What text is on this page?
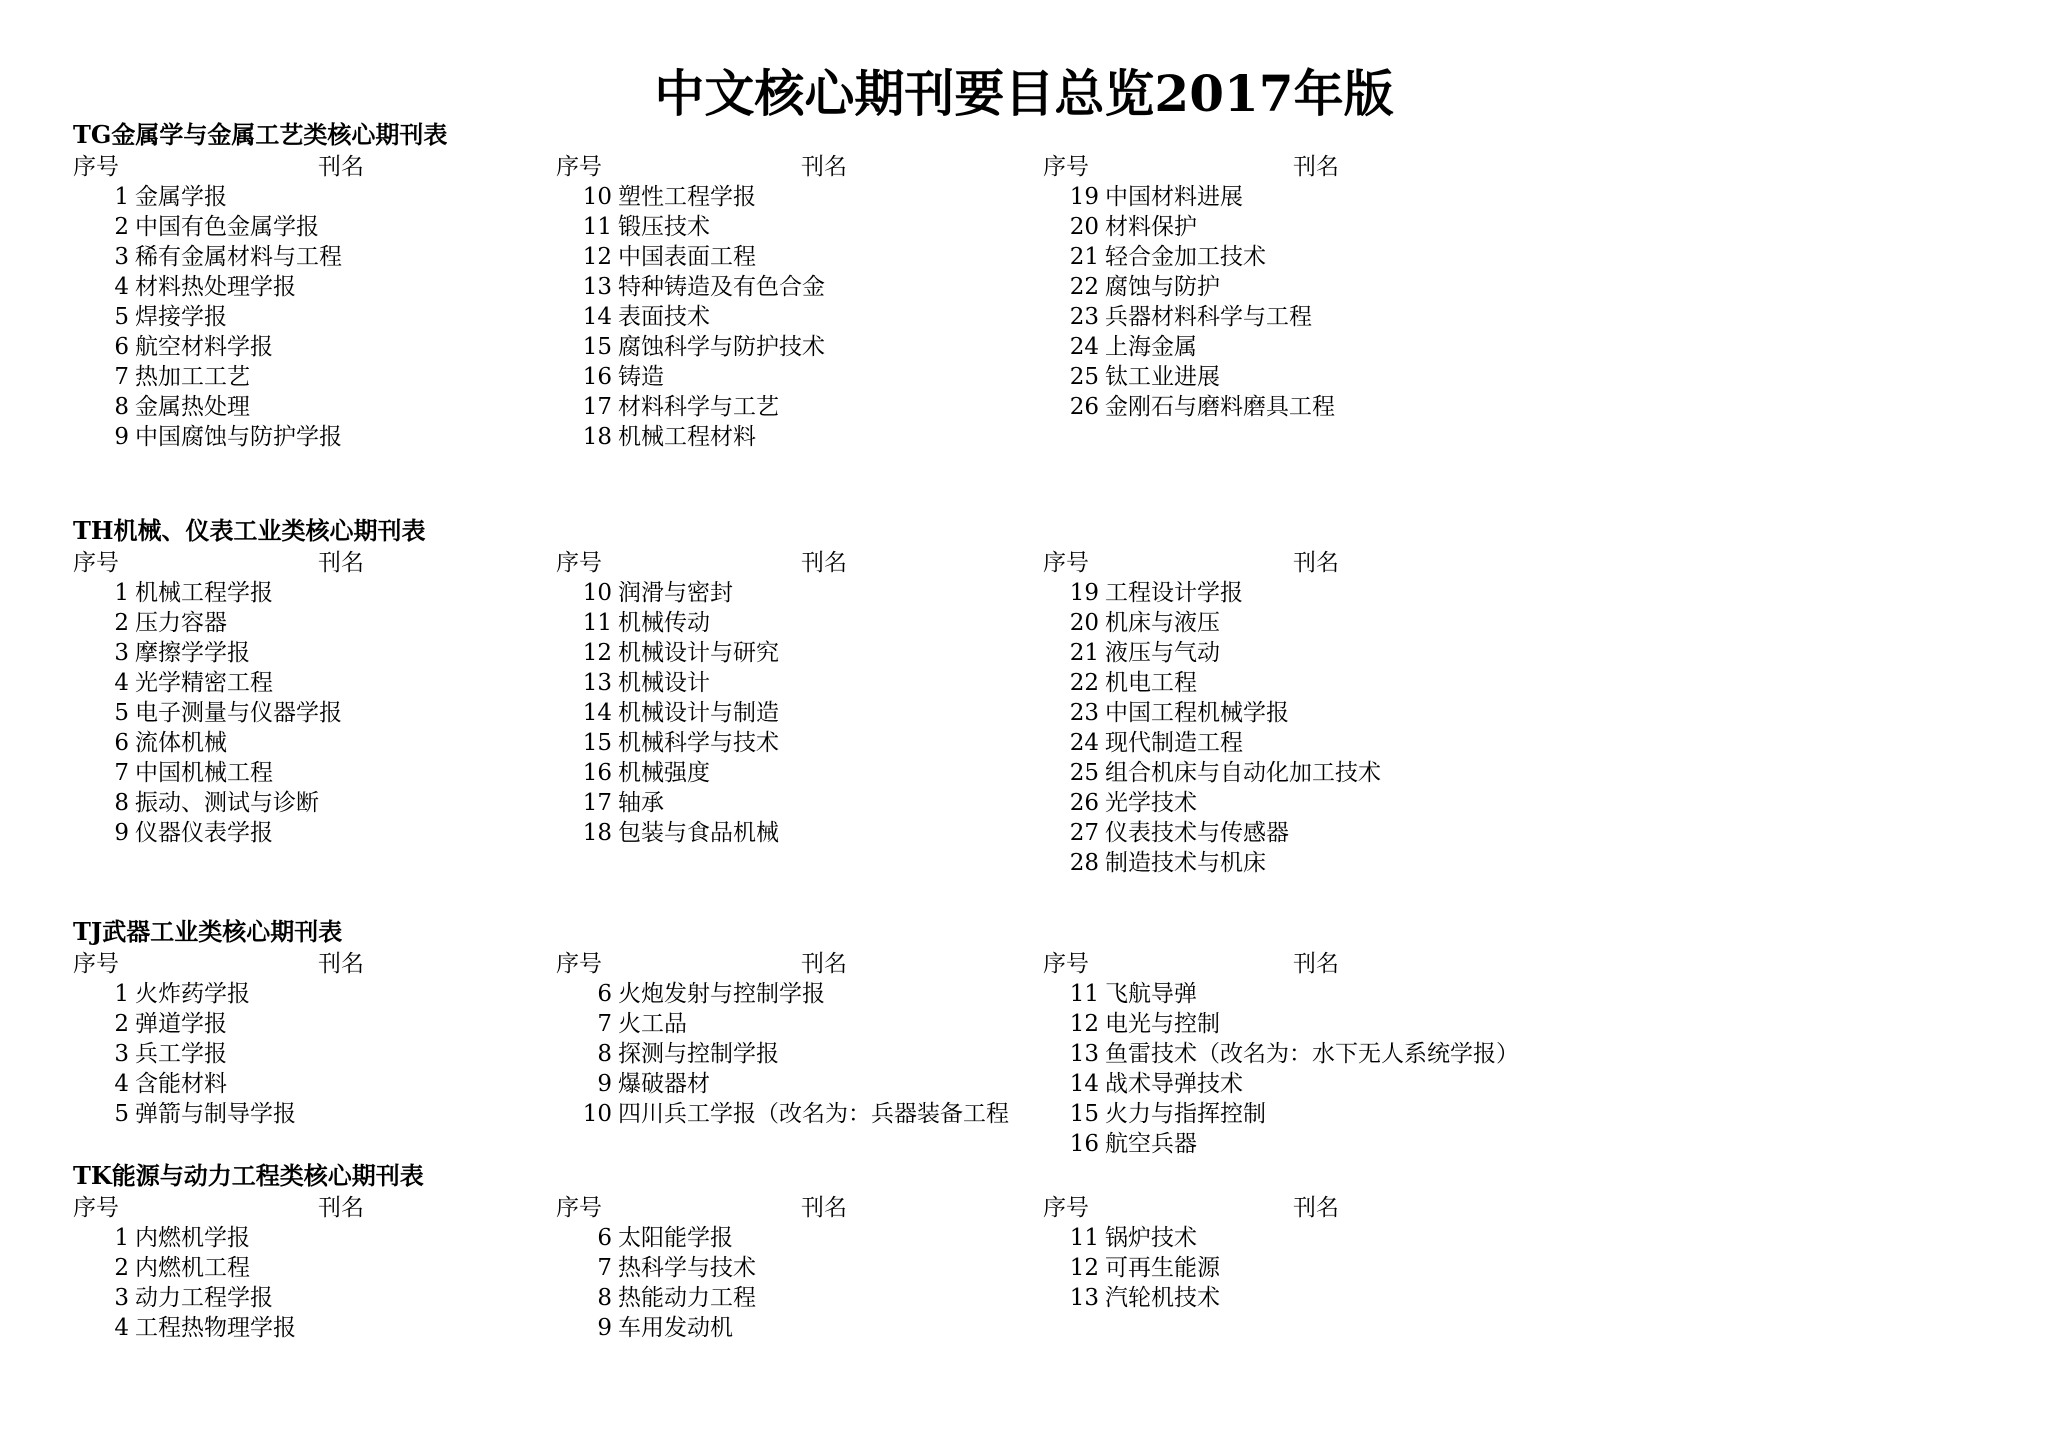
中文核心期刊要目总览2017年版
TG金属学与金属工艺类核心期刊表
序号	刊名
1 金属学报
2 中国有色金属学报
3 稀有金属材料与工程
4 材料热处理学报
5 焊接学报
6 航空材料学报
7 热加工工艺
8 金属热处理
9 中国腐蚀与防护学报
序号	刊名
10 塑性工程学报
11 锻压技术
12 中国表面工程
13 特种铸造及有色合金
14 表面技术
15 腐蚀科学与防护技术
16 铸造
17 材料科学与工艺
18 机械工程材料
序号	刊名
19 中国材料进展
20 材料保护
21 轻合金加工技术
22 腐蚀与防护
23 兵器材料科学与工程
24 上海金属
25 钛工业进展
26 金刚石与磨料磨具工程
TH机械、仪表工业类核心期刊表
序号	刊名
1 机械工程学报
2 压力容器
3 摩擦学学报
4 光学精密工程
5 电子测量与仪器学报
6 流体机械
7 中国机械工程
8 振动、测试与诊断
9 仪器仪表学报
序号	刊名
10 润滑与密封
11 机械传动
12 机械设计与研究
13 机械设计
14 机械设计与制造
15 机械科学与技术
16 机械强度
17 轴承
18 包装与食品机械
序号	刊名
19 工程设计学报
20 机床与液压
21 液压与气动
22 机电工程
23 中国工程机械学报
24 现代制造工程
25 组合机床与自动化加工技术
26 光学技术
27 仪表技术与传感器
28 制造技术与机床
TJ武器工业类核心期刊表
序号	刊名
1 火炸药学报
2 弹道学报
3 兵工学报
4 含能材料
5 弹箭与制导学报
序号	刊名
6 火炮发射与控制学报
7 火工品
8 探测与控制学报
9 爆破器材
10 四川兵工学报（改名为：兵器装备工程
序号	刊名
11 飞航导弹
12 电光与控制
13 鱼雷技术（改名为：水下无人系统学报）
14 战术导弹技术
15 火力与指挥控制
16 航空兵器
TK能源与动力工程类核心期刊表
序号	刊名
1 内燃机学报
2 内燃机工程
3 动力工程学报
4 工程热物理学报
序号	刊名
6 太阳能学报
7 热科学与技术
8 热能动力工程
9 车用发动机
序号	刊名
11 锅炉技术
12 可再生能源
13 汽轮机技术
